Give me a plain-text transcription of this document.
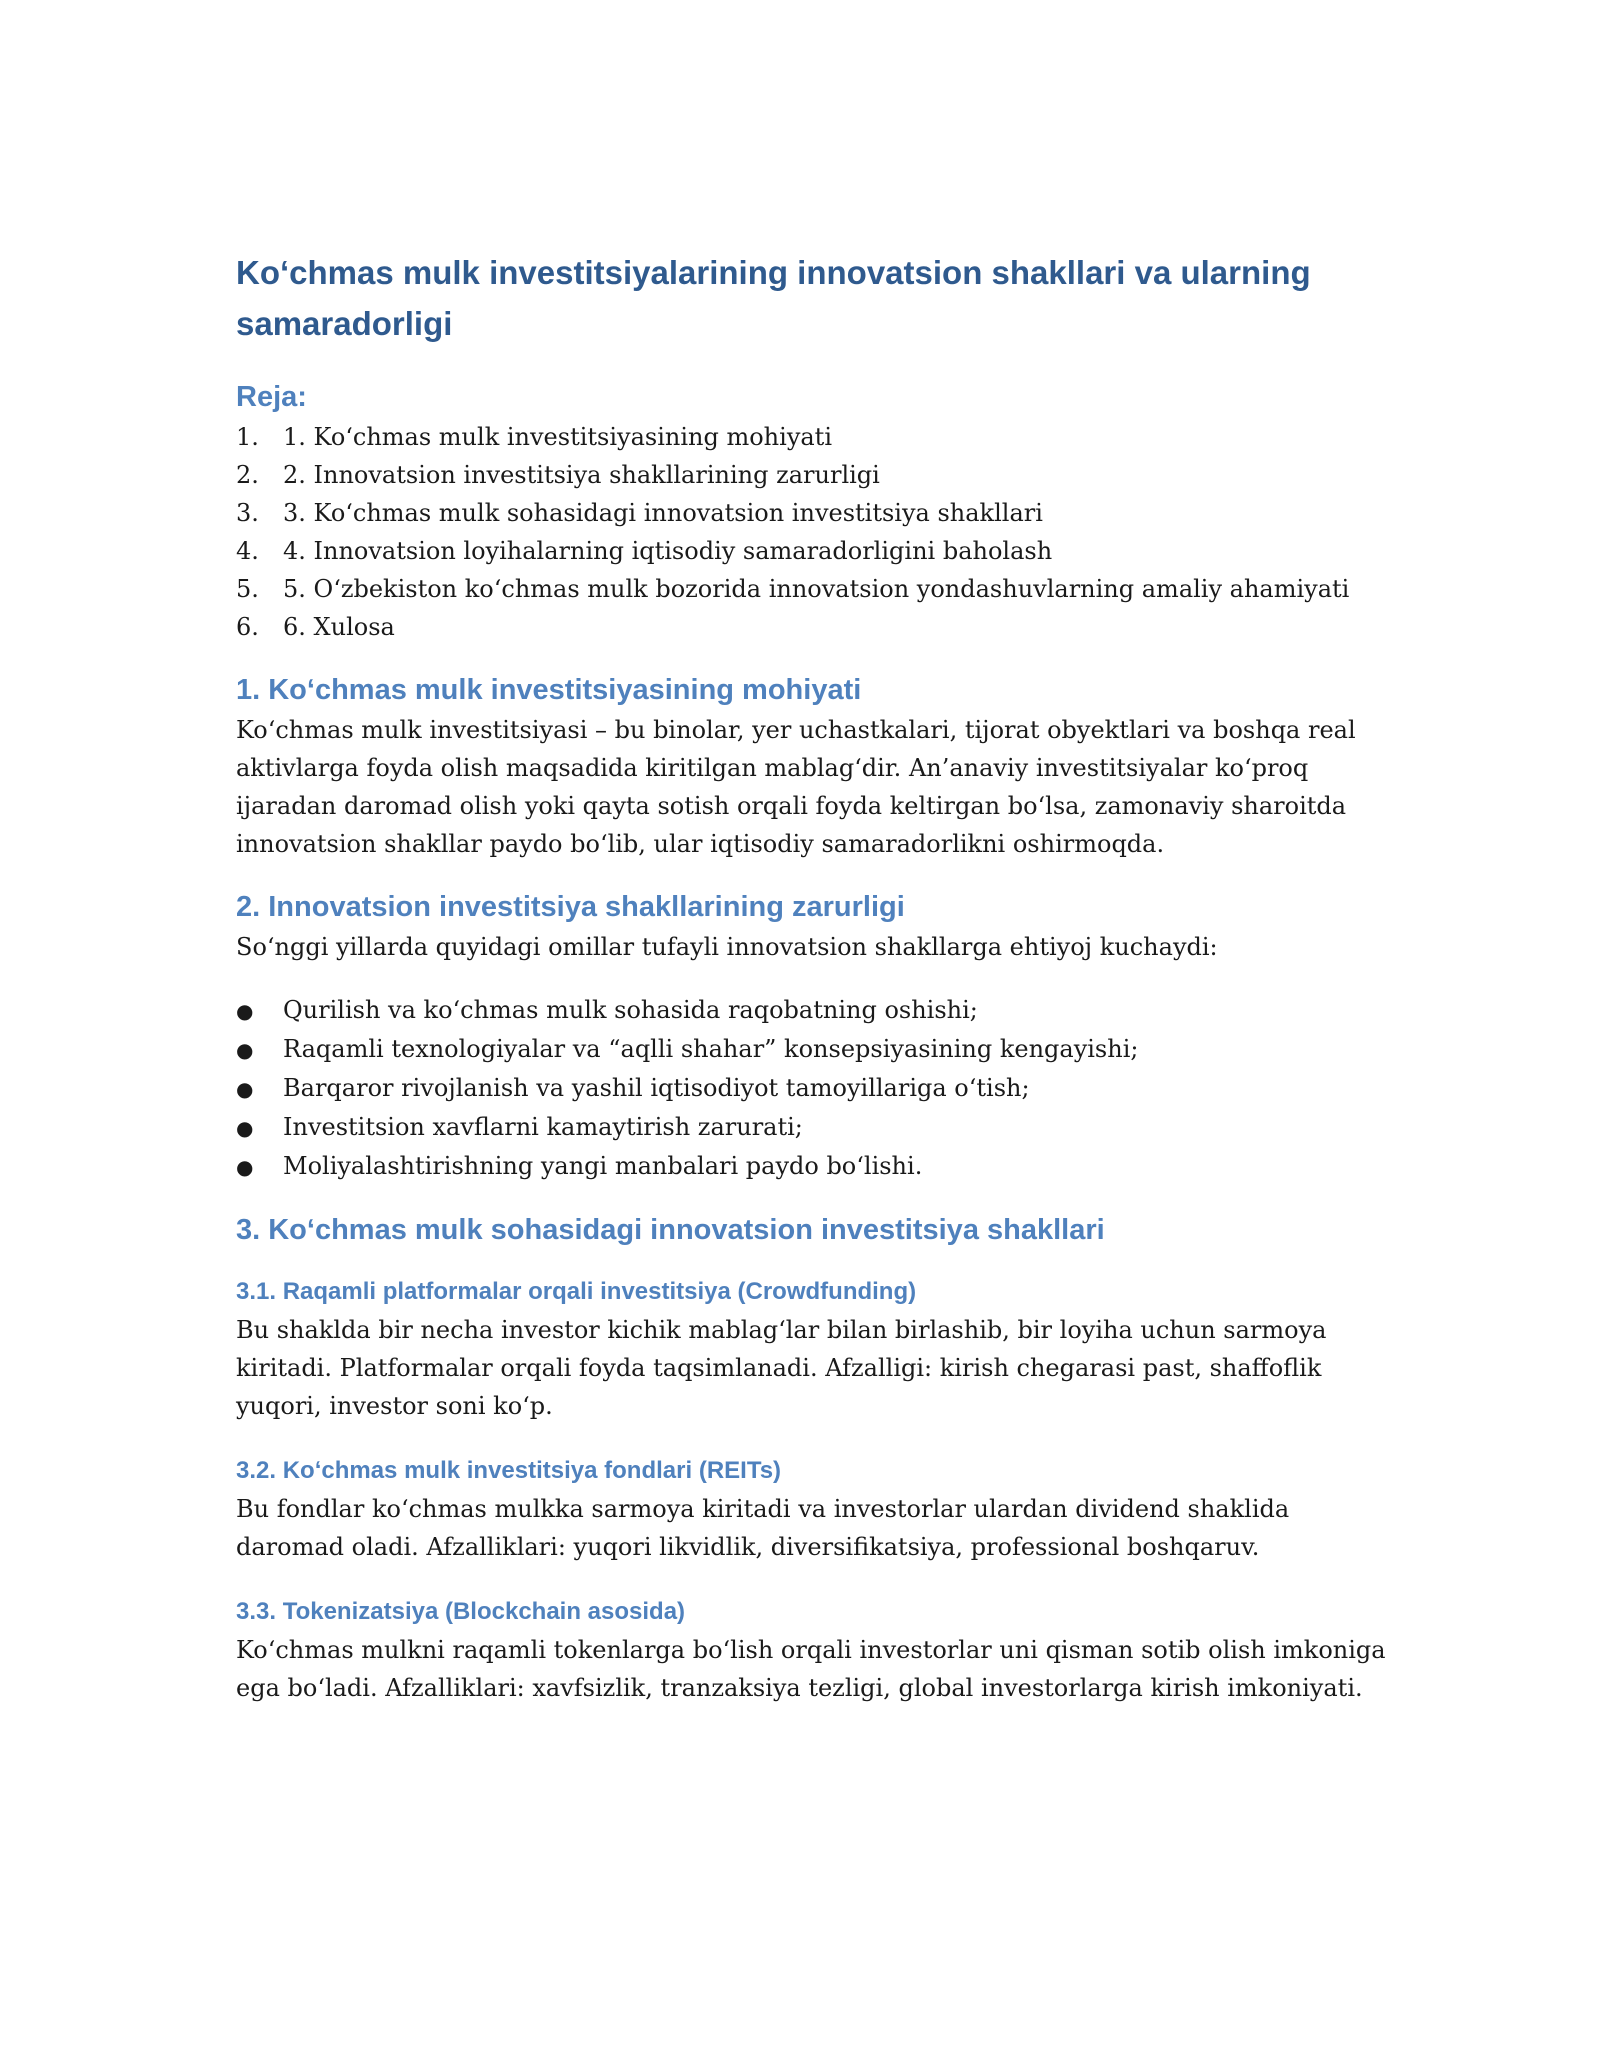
Koʻchmas mulk investitsiyalarining innovatsion shakllari va ularning samaradorligi
Reja:
1.	1. Koʻchmas mulk investitsiyasining mohiyati
2.	2. Innovatsion investitsiya shakllarining zarurligi
3.	3. Koʻchmas mulk sohasidagi innovatsion investitsiya shakllari
4.	4. Innovatsion loyihalarning iqtisodiy samaradorligini baholash
5.	5. Oʻzbekiston koʻchmas mulk bozorida innovatsion yondashuvlarning amaliy ahamiyati
6.	6. Xulosa
1. Koʻchmas mulk investitsiyasining mohiyati

Koʻchmas mulk investitsiyasi – bu binolar, yer uchastkalari, tijorat obyektlari va boshqa real aktivlarga foyda olish maqsadida kiritilgan mablagʻdir. An’anaviy investitsiyalar koʻproq ijaradan daromad olish yoki qayta sotish orqali foyda keltirgan boʻlsa, zamonaviy sharoitda innovatsion shakllar paydo boʻlib, ular iqtisodiy samaradorlikni oshirmoqda.

2. Innovatsion investitsiya shakllarining zarurligi

Soʻnggi yillarda quyidagi omillar tufayli innovatsion shakllarga ehtiyoj kuchaydi:

●	Qurilish va koʻchmas mulk sohasida raqobatning oshishi;
●	Raqamli texnologiyalar va “aqlli shahar” konsepsiyasining kengayishi;
●	Barqaror rivojlanish va yashil iqtisodiyot tamoyillariga oʻtish;
●	Investitsion xavflarni kamaytirish zarurati;
●	Moliyalashtirishning yangi manbalari paydo boʻlishi.
3. Koʻchmas mulk sohasidagi innovatsion investitsiya shakllari
3.1. Raqamli platformalar orqali investitsiya (Crowdfunding)

Bu shaklda bir necha investor kichik mablagʻlar bilan birlashib, bir loyiha uchun sarmoya kiritadi. Platformalar orqali foyda taqsimlanadi. Afzalligi: kirish chegarasi past, shaffoflik yuqori, investor soni koʻp.

3.2. Koʻchmas mulk investitsiya fondlari (REITs)

Bu fondlar koʻchmas mulkka sarmoya kiritadi va investorlar ulardan dividend shaklida daromad oladi. Afzalliklari: yuqori likvidlik, diversifikatsiya, professional boshqaruv.

3.3. Tokenizatsiya (Blockchain asosida)

Koʻchmas mulkni raqamli tokenlarga boʻlish orqali investorlar uni qisman sotib olish imkoniga ega boʻladi. Afzalliklari: xavfsizlik, tranzaksiya tezligi, global investorlarga kirish imkoniyati.
